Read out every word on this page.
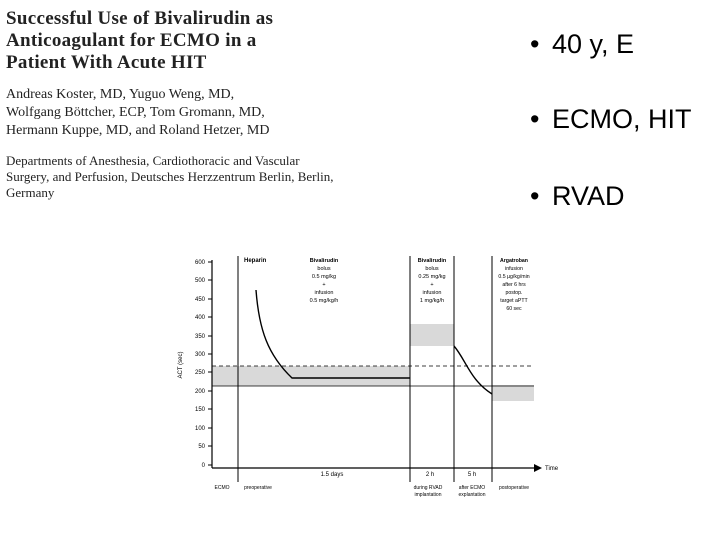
Successful Use of Bivalirudin as
Anticoagulant for ECMO in a
Patient With Acute HIT
Andreas Koster, MD, Yuguo Weng, MD,
Wolfgang Böttcher, ECP, Tom Gromann, MD,
Hermann Kuppe, MD, and Roland Hetzer, MD
Departments of Anesthesia, Cardiothoracic and Vascular
Surgery, and Perfusion, Deutsches Herzzentrum Berlin, Berlin,
Germany
• 40 y, E
• ECMO, HIT
• RVAD
600
500
450
400
350
300
250
200
150
100
50
0
ACT (sec)
Time
Heparin	Bivalirudin
bolus
0.5 mg/kg
+
infusion
0.5 mg/kg/h
Bivalirudin
bolus
0.25 mg/kg
+
infusion
1 mg/kg/h
Argatroban
infusion
0.5 µg/kg/min
after 6 hrs
postop.
target aPTT
60 sec
1.5 days	2 h	5 h
ECMO	preoperative	during RVAD
implantation
after ECMO
explantation
postoperative
